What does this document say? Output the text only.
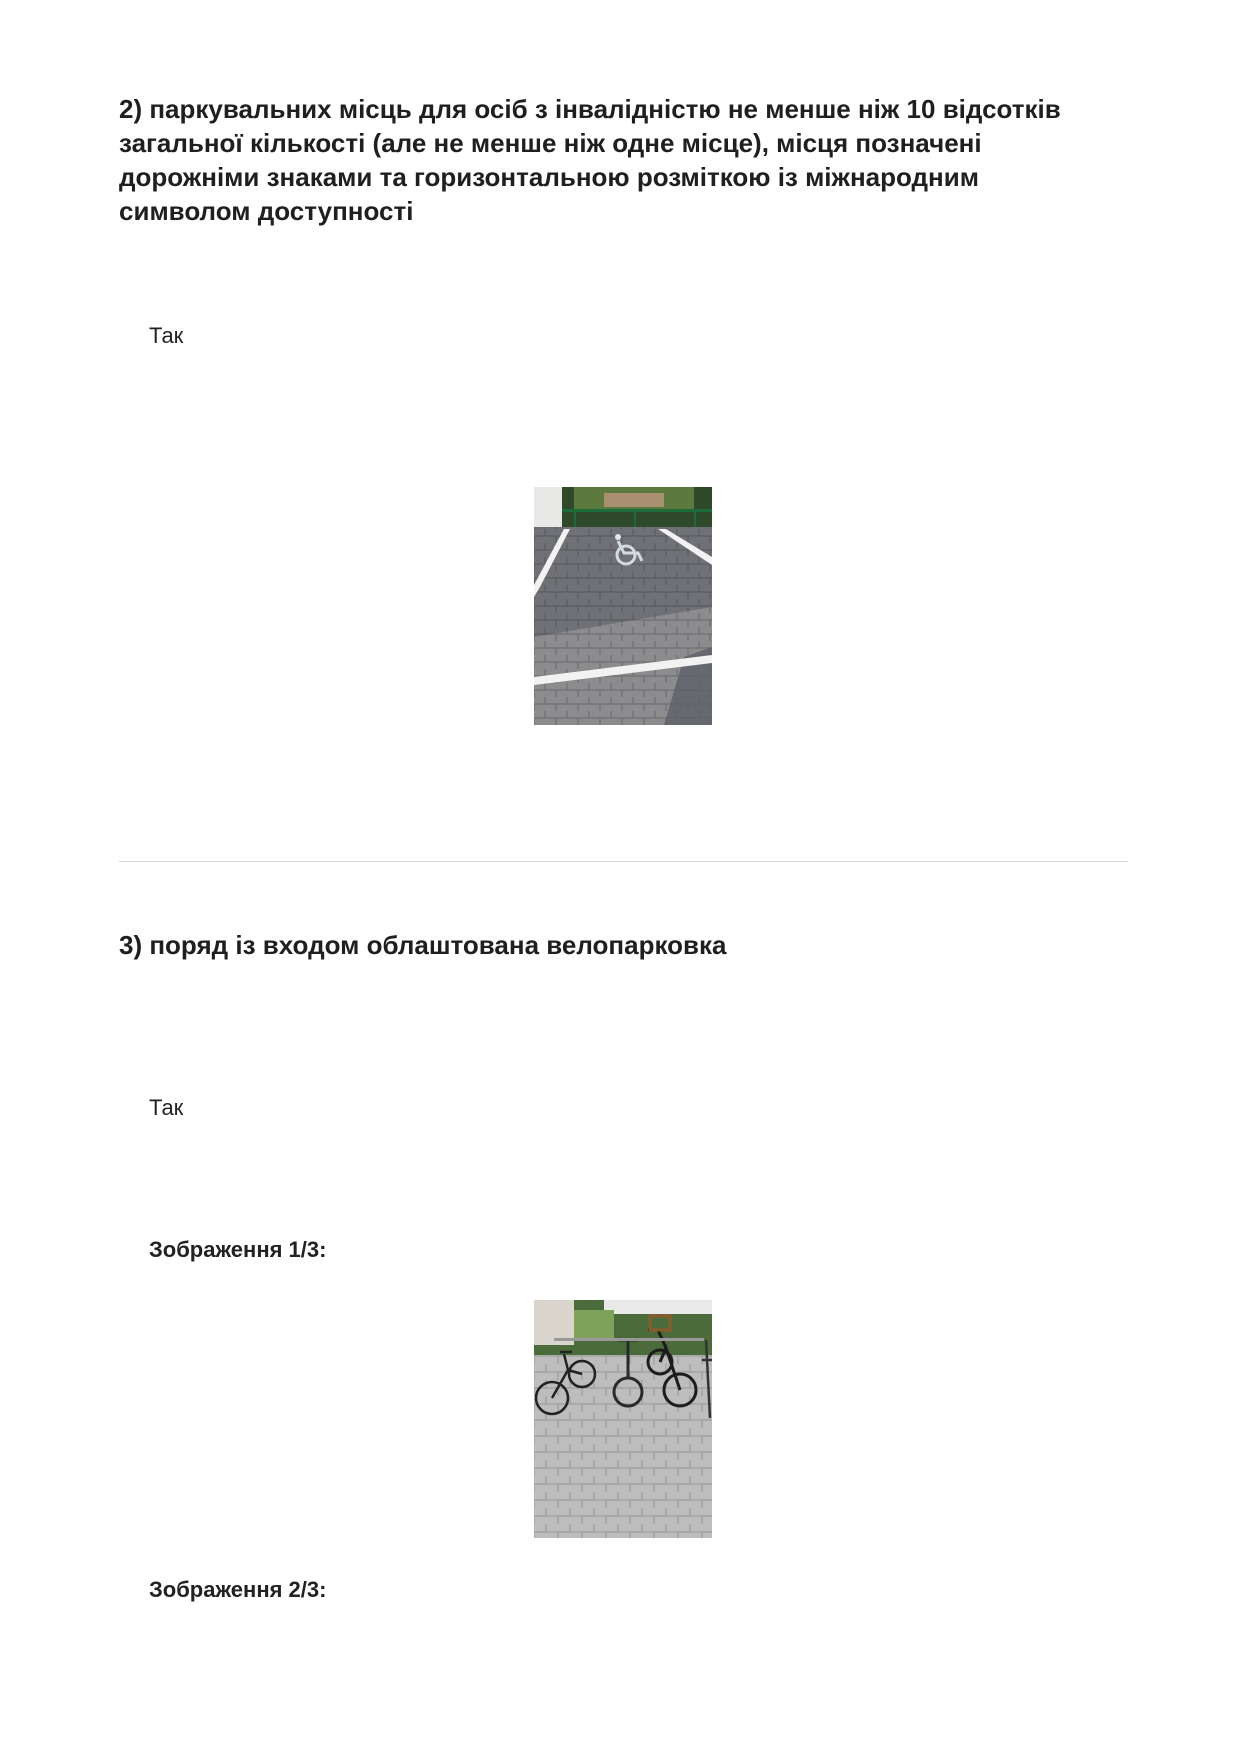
2) паркувальних місць для осіб з інвалідністю не менше ніж 10 відсотків загальної кількості (але не менше ніж одне місце), місця позначені дорожніми знаками та горизонтальною розміткою із міжнародним символом доступності
Так
3) поряд із входом облаштована велопарковка
Так
Зображення 1/3:
Зображення 2/3:
